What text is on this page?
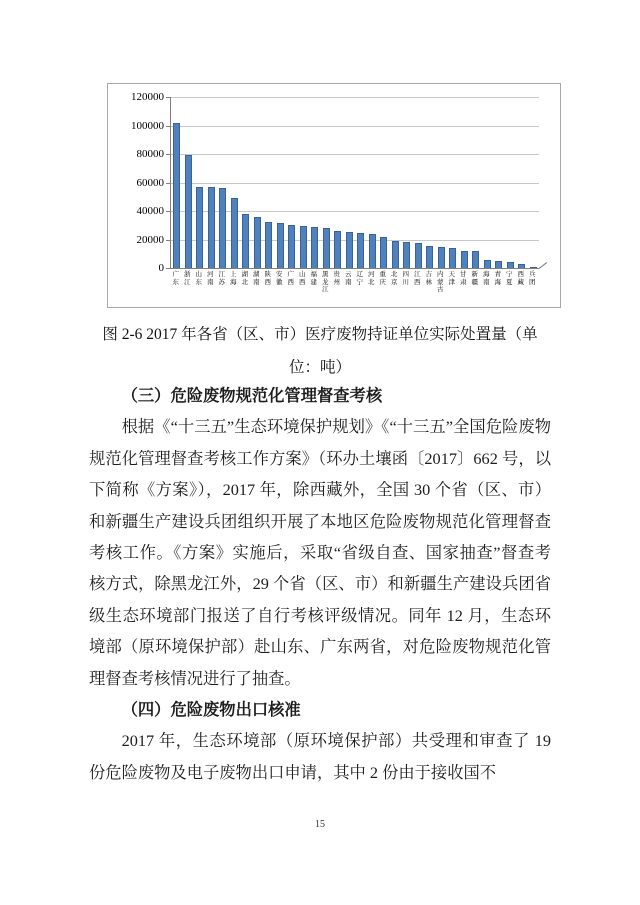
0
20000
40000
60000
80000
100000
120000
广
东
浙
江
山
东
河
南
江
苏
上
海
湖
北
湖
南
陕
西
安
徽
广
西
山
西
福
建
黑
龙
江
贵
州
云
南
辽
宁
河
北
重
庆
北
京
四
川
江
西
吉
林
内
蒙
古
天
津
甘
肃
新
疆
海
南
青
海
宁
夏
西
藏
兵
团
图 2-6 2017 年各省（区、市）医疗废物持证单位实际处置量（单位：吨）
（三）危险废物规范化管理督查考核

根据《“十三五”生态环境保护规划》《“十三五”全国危险废物规范化管理督查考核工作方案》（环办土壤函〔2017〕662 号，以下简称《方案》），2017 年，除西藏外，全国 30 个省（区、市）和新疆生产建设兵团组织开展了本地区危险废物规范化管理督查考核工作。《方案》实施后，采取“省级自查、国家抽查”督查考核方式，除黑龙江外，29 个省（区、市）和新疆生产建设兵团省级生态环境部门报送了自行考核评级情况。同年 12 月，生态环境部（原环境保护部）赴山东、广东两省，对危险废物规范化管理督查考核情况进行了抽查。

（四）危险废物出口核准

2017 年，生态环境部（原环境保护部）共受理和审查了 19 份危险废物及电子废物出口申请，其中 2 份由于接收国不

15
